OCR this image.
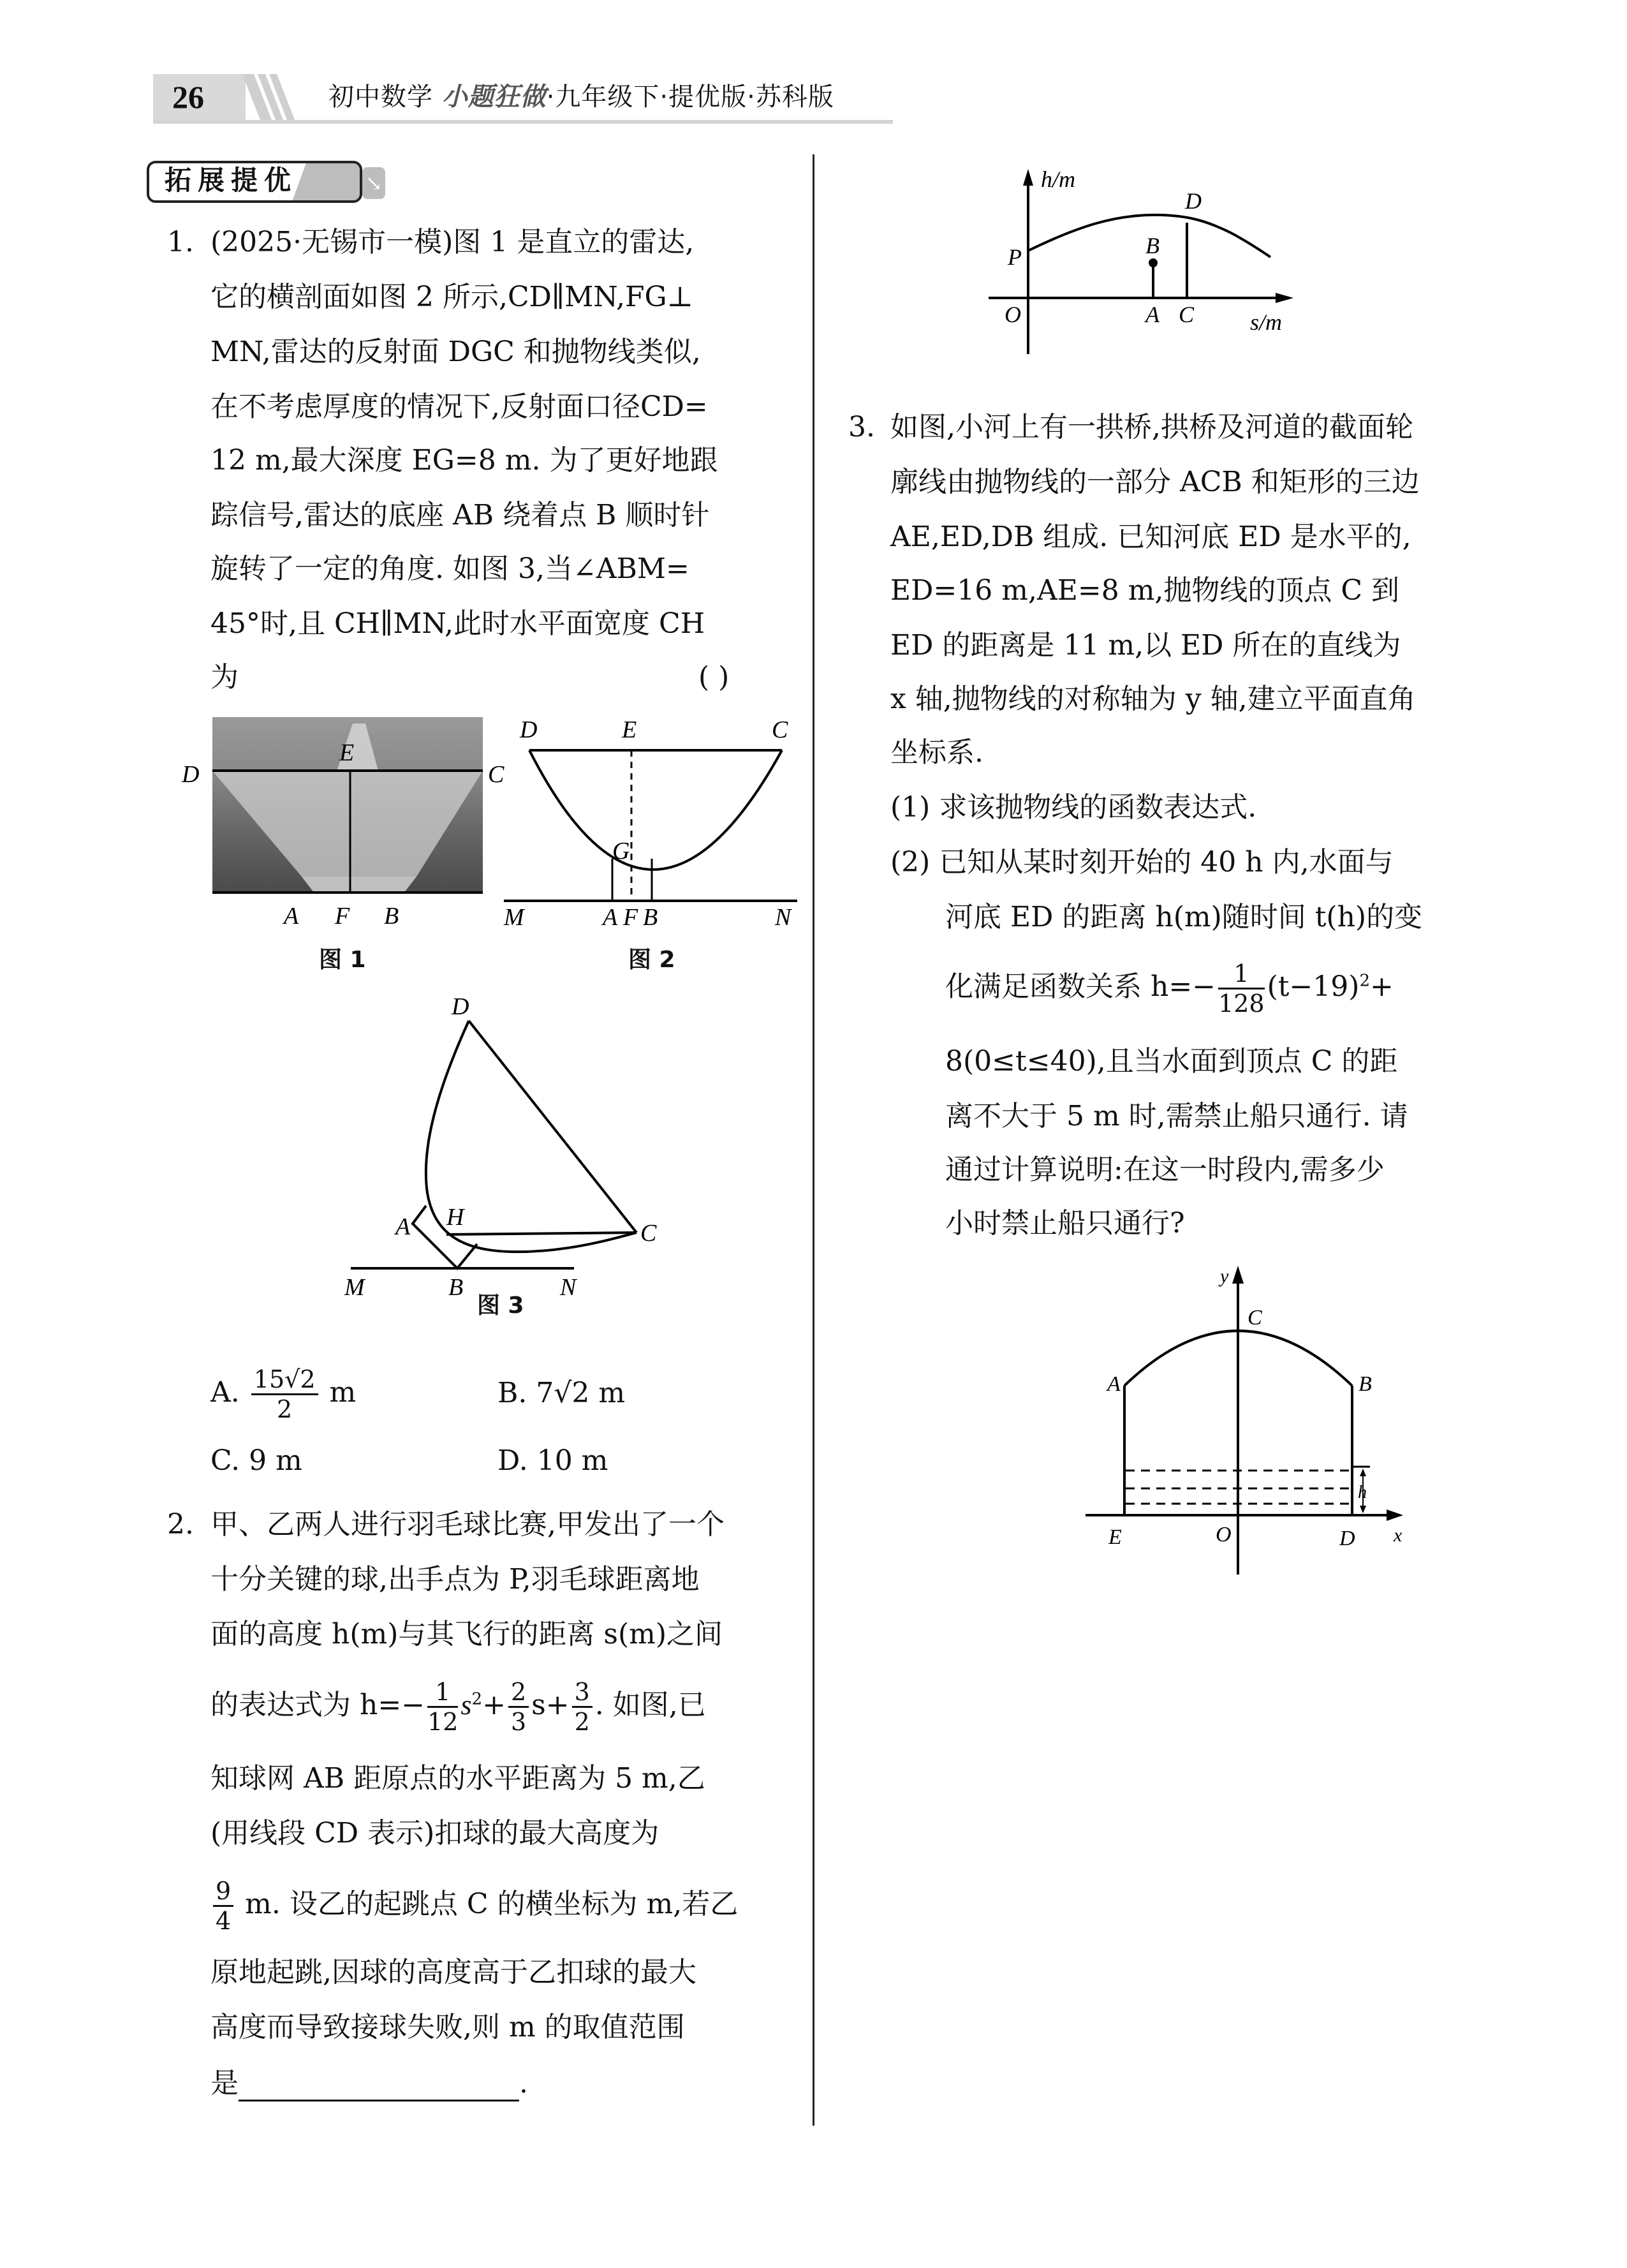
26	初中数学 小题狂做·九年级下·提优版·苏科版
拓展提优	↘
1. (2025·无锡市一模)图 1 是直立的雷达,
它的横剖面如图 2 所示,CD∥MN,FG⊥
MN,雷达的反射面 DGC 和抛物线类似,
在不考虑厚度的情况下,反射面口径CD=
12 m,最大深度 EG=8 m. 为了更好地跟
踪信号,雷达的底座 AB 绕着点 B 顺时针
旋转了一定的角度. 如图 3,当∠ABM=
45°时,且 CH∥MN,此时水平面宽度 CH
为	( )
D
E
C
A F B
图 1
D	E	C
G
M	A F B	N
图 2
D
A H
C
M	B	N
图 3
A. $\frac{15√2}{2}$ m	B. 7√2 m
C. 9 m	D. 10 m
2. 甲、乙两人进行羽毛球比赛,甲发出了一个
十分关键的球,出手点为 P,羽毛球距离地
面的高度 h(m)与其飞行的距离 s(m)之间
的表达式为 $h=- \frac{1}{12} s^2+ \frac{2}{3} s+ \frac{3}{2}$ . 如图,已
知球网 AB 距原点的水平距离为 5 m,乙
(用线段 CD 表示)扣球的最大高度为
$\frac{9}{4} m$. 设乙的起跳点 C 的横坐标为 m,若乙
原地起跳,因球的高度高于乙扣球的最大
高度而导致接球失败,则 m 的取值范围
是	.
h/m
D
P	B
O	A C s/m
3. 如图,小河上有一拱桥,拱桥及河道的截面轮
廓线由抛物线的一部分 ACB 和矩形的三边
AE,ED,DB 组成. 已知河底 ED 是水平的,
ED=16 m,AE=8 m,抛物线的顶点 C 到
ED 的距离是 11 m,以 ED 所在的直线为
x 轴,抛物线的对称轴为 y 轴,建立平面直角
坐标系.
(1) 求该抛物线的函数表达式.
(2) 已知从某时刻开始的 40 h 内,水面与
河底 ED 的距离 h(m)随时间 t(h)的变
化满足函数关系 $h=- \frac{1}{128} (t-19)^2+$
8(0≤t≤40),且当水面到顶点 C 的距
离不大于 5 m 时,需禁止船只通行. 请
通过计算说明:在这一时段内,需多少
小时禁止船只通行?
y
C
A	B
E	O	D x
h
